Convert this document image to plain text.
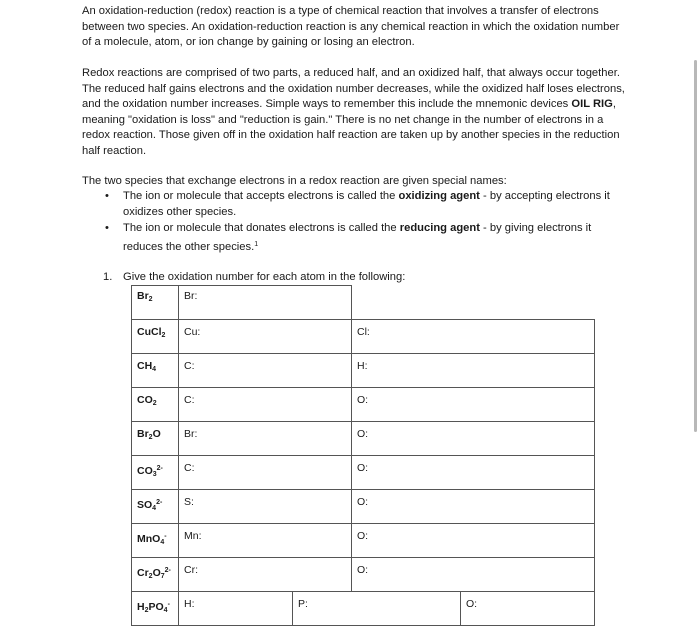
An oxidation-reduction (redox) reaction is a type of chemical reaction that involves a transfer of electrons between two species. An oxidation-reduction reaction is any chemical reaction in which the oxidation number of a molecule, atom, or ion change by gaining or losing an electron.

Redox reactions are comprised of two parts, a reduced half, and an oxidized half, that always occur together. The reduced half gains electrons and the oxidation number decreases, while the oxidized half loses electrons, and the oxidation number increases. Simple ways to remember this include the mnemonic devices OIL RIG, meaning "oxidation is loss" and "reduction is gain." There is no net change in the number of electrons in a redox reaction. Those given off in the oxidation half reaction are taken up by another species in the reduction half reaction.

The two species that exchange electrons in a redox reaction are given special names:

• The ion or molecule that accepts electrons is called the oxidizing agent - by accepting electrons it oxidizes other species.
• The ion or molecule that donates electrons is called the reducing agent - by giving electrons it reduces the other species.$^1$

1. Give the oxidation number for each atom in the following:

$Br_2$	Br:			
CuCl$_2$	Cu:		Cl:	
$CH_4$	C:		H:	
$CO_2$	C:		O:	
$Br_2O$	Br:		O:	
$CO_3^{2-}$	C:		O:	
$SO_4^{2-}$	S:		O:	
MnO$_4$-	Mn:		O:	
$Cr_2O_7^{2-}$	Cr:		O:	
$H_2PO_4^-$	H:	P:		O:
